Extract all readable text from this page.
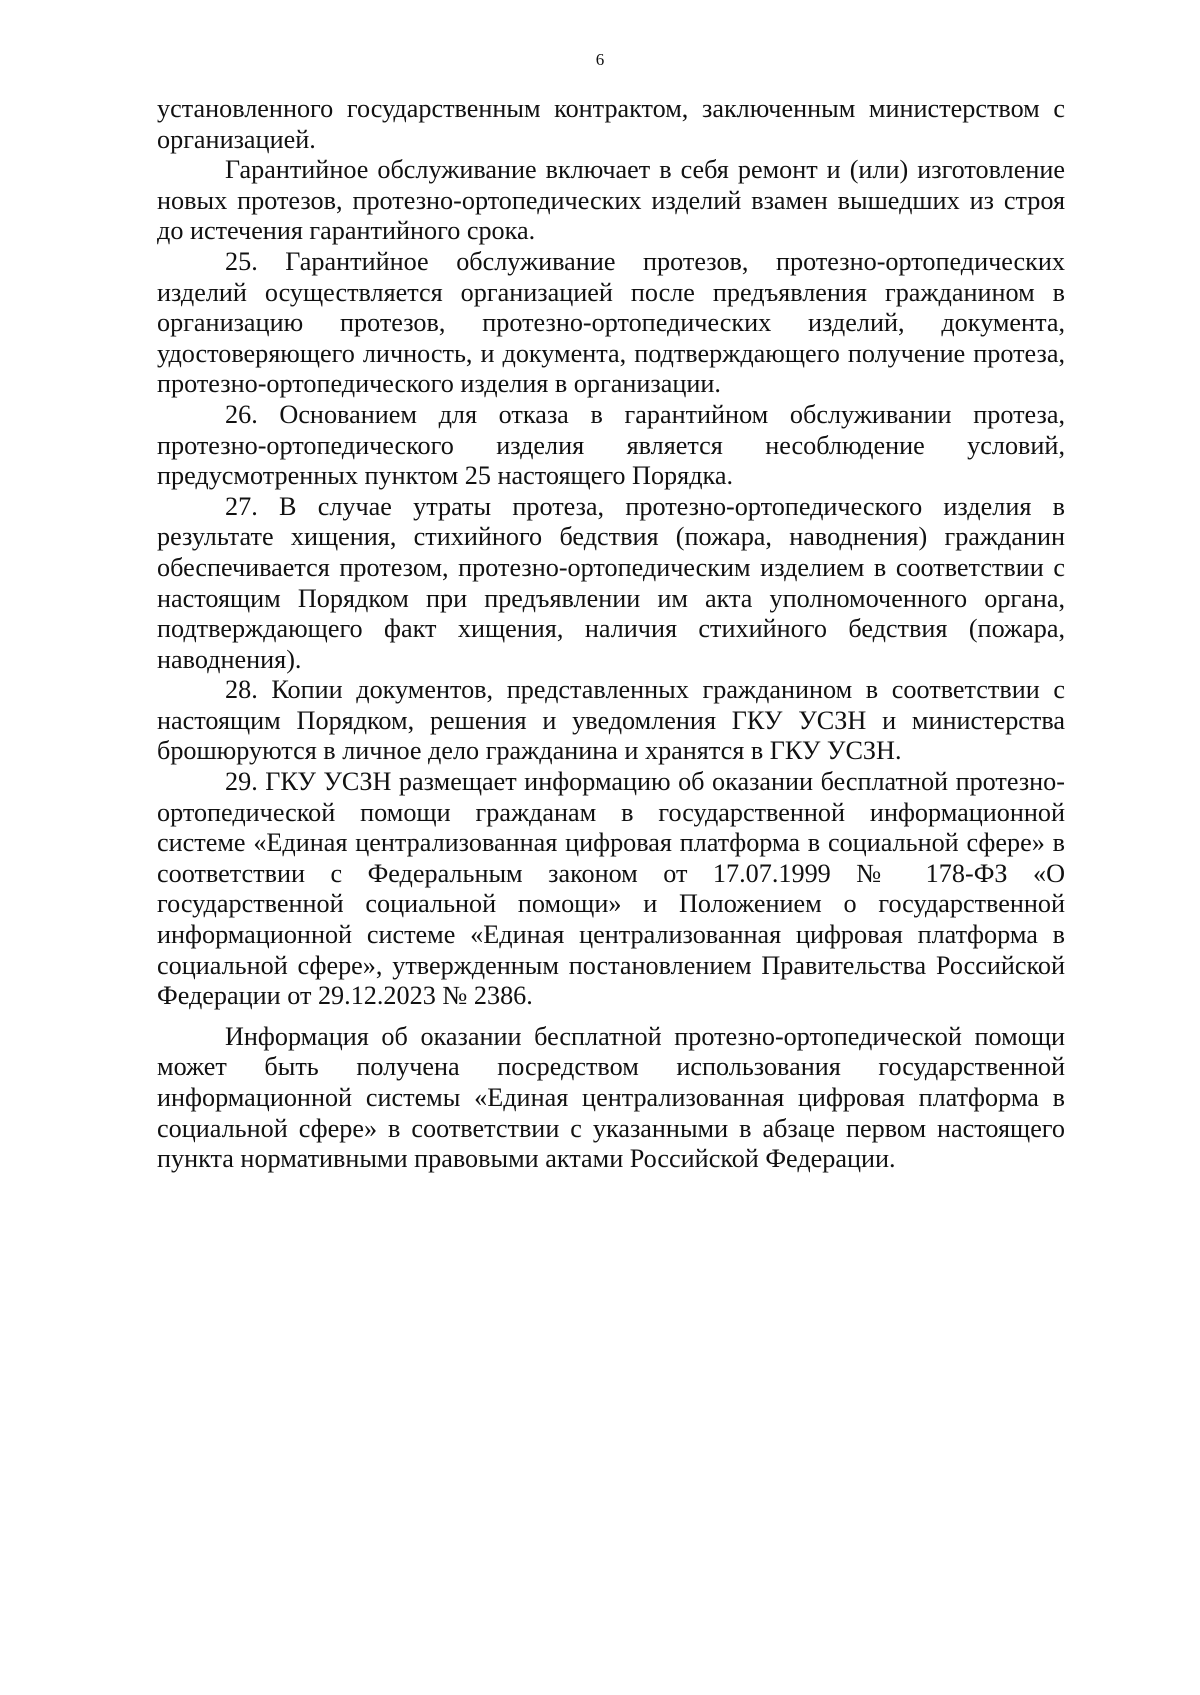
6

установленного государственным контрактом, заключенным министерством с организацией.

Гарантийное обслуживание включает в себя ремонт и (или) изготовление новых протезов, протезно-ортопедических изделий взамен вышедших из строя до истечения гарантийного срока.

25. Гарантийное обслуживание протезов, протезно-ортопедических изделий осуществляется организацией после предъявления гражданином в организацию протезов, протезно-ортопедических изделий, документа, удостоверяющего личность, и документа, подтверждающего получение протеза, протезно-ортопедического изделия в организации.

26. Основанием для отказа в гарантийном обслуживании протеза, протезно-ортопедического изделия является несоблюдение условий, предусмотренных пунктом 25 настоящего Порядка.

27. В случае утраты протеза, протезно-ортопедического изделия в результате хищения, стихийного бедствия (пожара, наводнения) гражданин обеспечивается протезом, протезно-ортопедическим изделием в соответствии с настоящим Порядком при предъявлении им акта уполномоченного органа, подтверждающего факт хищения, наличия стихийного бедствия (пожара, наводнения).

28. Копии документов, представленных гражданином в соответствии с настоящим Порядком, решения и уведомления ГКУ УСЗН и министерства брошюруются в личное дело гражданина и хранятся в ГКУ УСЗН.

29. ГКУ УСЗН размещает информацию об оказании бесплатной протезно-ортопедической помощи гражданам в государственной информационной системе «Единая централизованная цифровая платформа в социальной сфере» в соответствии с Федеральным законом от 17.07.1999 № 178-ФЗ «О государственной социальной помощи» и Положением о государственной информационной системе «Единая централизованная цифровая платформа в социальной сфере», утвержденным постановлением Правительства Российской Федерации от 29.12.2023 № 2386.

Информация об оказании бесплатной протезно-ортопедической помощи может быть получена посредством использования государственной информационной системы «Единая централизованная цифровая платформа в социальной сфере» в соответствии с указанными в абзаце первом настоящего пункта нормативными правовыми актами Российской Федерации.
